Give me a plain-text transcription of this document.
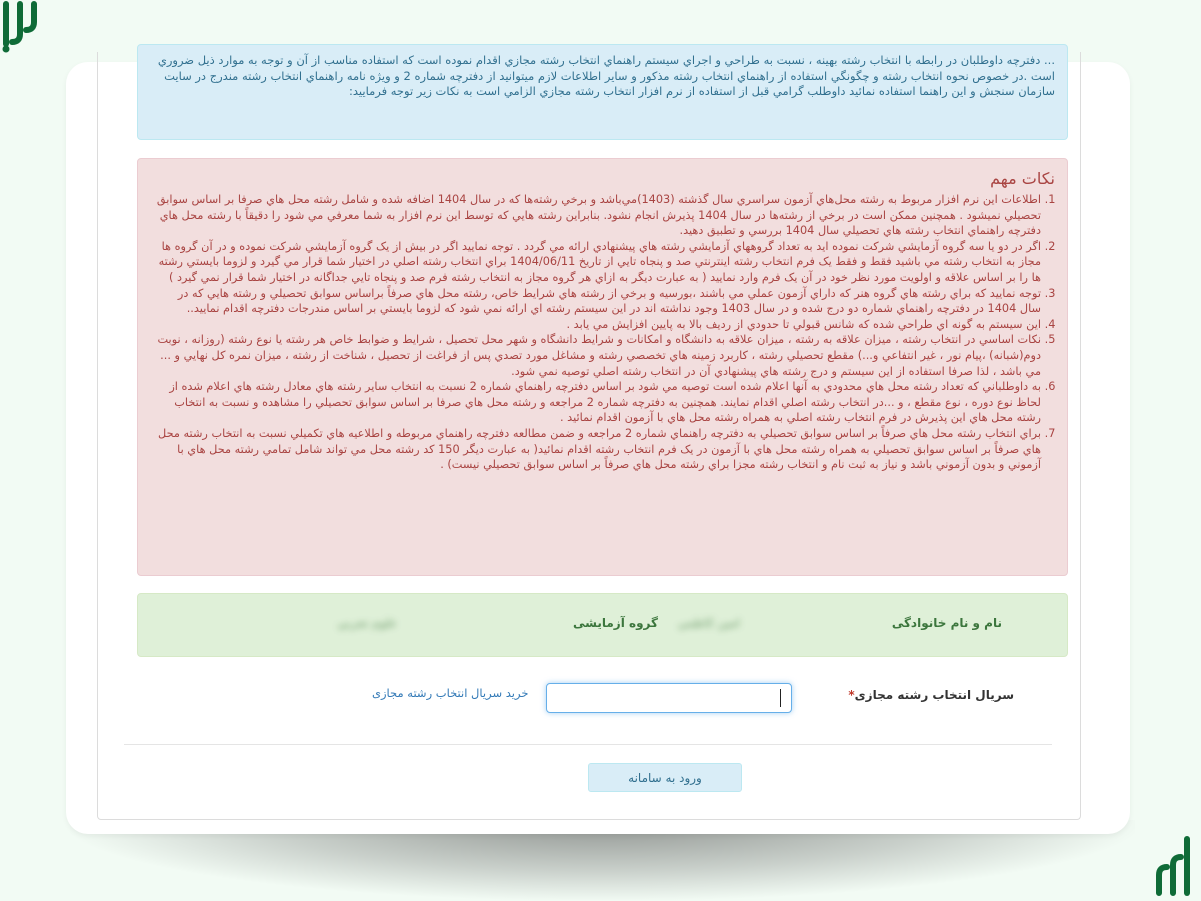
... دفترچه داوطلبان در رابطه با انتخاب رشته بهينه ، نسبت به طراحي و اجراي سيستم راهنماي انتخاب رشته مجازي اقدام نموده است كه استفاده مناسب از آن و توجه به موارد ذيل ضروري است .در خصوص نحوه انتخاب رشته و چگونگي استفاده از راهنماي انتخاب رشته مذكور و ساير اطلاعات لازم ميتوانيد از دفترچه شماره 2 و ويژه نامه راهنماي انتخاب رشته مندرج در سايت سازمان سنجش و اين راهنما استفاده نمائيد داوطلب گرامي قبل از استفاده از نرم افزار انتخاب رشته مجازي الزامي است به نكات زير توجه فرماييد:
نكات مهم
1. اطلاعات اين نرم افزار مربوط به رشته محل‌هاي آزمون سراسري سال گذشته (1403)مي‌باشد و برخي رشته‌ها كه در سال 1404 اضافه شده و شامل رشته محل هاي صرفا بر اساس سوابق تحصيلي نميشود . همچنين ممكن است در برخي از رشته‌ها در سال 1404 پذيرش انجام نشود. بنابراين رشته هايي كه توسط اين نرم افزار به شما معرفي مي شود را دقيقاً با رشته محل هاي دفترچه راهنماي انتخاب رشته هاي تحصيلي سال 1404 بررسي و تطبيق دهيد.
2. اگر در دو يا سه گروه آزمايشي شركت نموده ايد به تعداد گروههاي آزمايشي رشته هاي پيشنهادي ارائه مي گردد . توجه نماييد اگر در بيش از يک گروه آزمايشي شركت نموده و در آن گروه ها مجاز به انتخاب رشته مي باشيد فقط و فقط يک فرم انتخاب رشته اينترنتي صد و پنجاه تايي از تاريخ 1404/06/11 براي انتخاب رشته اصلي در اختيار شما قرار مي گيرد و لزوما بايستي رشته ها را بر اساس علاقه و اولويت مورد نظر خود در آن يک فرم وارد نماييد ( به عبارت ديگر به ازاي هر گروه مجاز به انتخاب رشته فرم صد و پنجاه تايي جداگانه در اختيار شما قرار نمي گيرد )
3. توجه نماييد كه براي رشته هاي گروه هنر كه داراي آزمون عملي مي باشند ،بورسيه و برخي از رشته هاي شرايط خاص، رشته محل هاي صرفاً براساس سوابق تحصيلي و رشته هايي كه در سال 1404 در دفترچه راهنماي شماره دو درج شده و در سال 1403 وجود نداشته اند در اين سيستم رشته اي ارائه نمي شود كه لزوما بايستي بر اساس مندرجات دفترچه اقدام نماييد..
4. اين سيستم به گونه اي طراحي شده كه شانس قبولي تا حدودي از رديف بالا به پايين افزايش مي يابد .
5. نكات اساسي در انتخاب رشته ، ميزان علاقه به رشته ، ميزان علاقه به دانشگاه و امكانات و شرايط دانشگاه و شهر محل تحصيل ، شرايط و ضوابط خاص هر رشته يا نوع رشته (روزانه ، نوبت دوم(شبانه) ،پيام نور ، غير انتفاعي و...) مقطع تحصيلي رشته ، كاربرد زمينه هاي تخصصي رشته و مشاغل مورد تصدي پس از فراغت از تحصيل ، شناخت از رشته ، ميزان نمره كل نهايي و ... مي باشد ، لذا صرفا استفاده از اين سيستم و درج رشته هاي پيشنهادي آن در انتخاب رشته اصلي توصيه نمي شود.
6. به داوطلباني كه تعداد رشته محل هاي محدودي به آنها اعلام شده است توصيه مي شود بر اساس دفترچه راهنماي شماره 2 نسبت به انتخاب ساير رشته هاي معادل رشته هاي اعلام شده از لحاظ نوع دوره ، نوع مقطع ، و ...در انتخاب رشته اصلي اقدام نمايند. همچنين به دفترچه شماره 2 مراجعه و رشته محل هاي صرفا بر اساس سوابق تحصيلي را مشاهده و نسبت به انتخاب رشته محل هاي اين پذيرش در فرم انتخاب رشته اصلي به همراه رشته محل هاي با آزمون اقدام نمائيد .
7. براي انتخاب رشته محل هاي صرفاً بر اساس سوابق تحصيلي به دفترچه راهنماي شماره 2 مراجعه و ضمن مطالعه دفترچه راهنماي مربوطه و اطلاعيه هاي تكميلي نسبت به انتخاب رشته محل هاي صرفاً بر اساس سوابق تحصيلي به همراه رشته محل هاي با آزمون در يک فرم انتخاب رشته اقدام نمائيد( به عبارت ديگر 150 كد رشته محل مي تواند شامل تمامي رشته محل هاي با آزموني و بدون آزموني باشد و نياز به ثبت نام و انتخاب رشته مجزا براي رشته محل هاي صرفاً بر اساس سوابق تحصيلي نيست) .
نام و نام خانوادگی
امين كاظمي
گروه آزمایشی
علوم تجربي
سریال انتخاب رشته مجازی*
خرید سریال انتخاب رشته مجازی
ورود به سامانه
